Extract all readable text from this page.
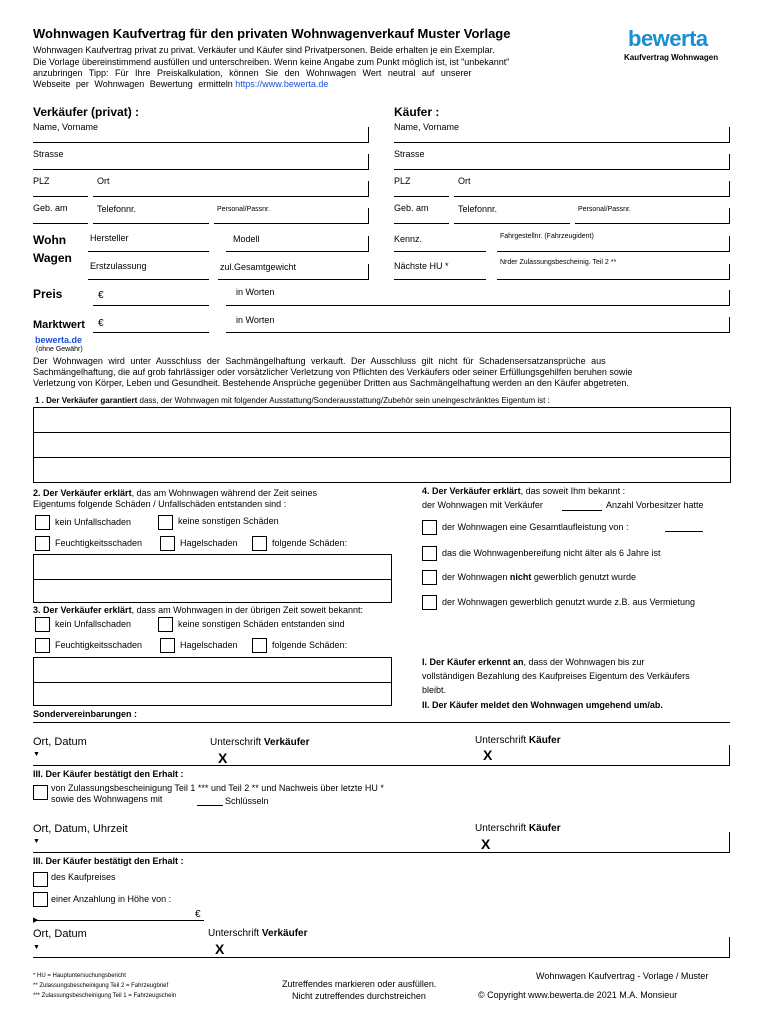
Wohnwagen Kaufvertrag für den privaten Wohnwagenverkauf Muster Vorlage
Wohnwagen Kaufvertrag privat zu privat. Verkäufer und Käufer sind Privatpersonen. Beide erhalten je ein Exemplar.
Die Vorlage übereinstimmend ausfüllen und unterschreiben. Wenn keine Angabe zum Punkt möglich ist, ist "unbekannt"
anzubringen Tipp: Für Ihre Preiskalkulation, können Sie den Wohnwagen Wert neutral auf unserer
Webseite per Wohnwagen Bewertung ermitteln https://www.bewerta.de
bewerta
Kaufvertrag Wohnwagen
Verkäufer (privat) :	Käufer :
Name, Vorname	Name, Vorname
Strasse	Strasse
PLZ	Ort	PLZ	Ort
Geb. am	Telefonnr.	Personal/Passnr.	Geb. am	Telefonnr.	Personal/Passnr.
Wohn
Wagen
Hersteller	Modell	Kennz.	Fahrgestellnr. (Fahrzeugident)
Erstzulassung	zul.Gesamtgewicht	Nächste HU *	Nrder Zulassungsbescheinig. Teil 2 **
Preis	€	in Worten
Marktwert €	in Worten
bewerta.de
(ohne Gewähr)
Der Wohnwagen wird unter Ausschluss der Sachmängelhaftung verkauft. Der Ausschluss gilt nicht für Schadensersatzansprüche aus
Sachmängelhaftung, die auf grob fahrlässiger oder vorsätzlicher Verletzung von Pflichten des Verkäufers oder seiner Erfüllungsgehilfen beruhen sowie
Verletzung von Körper, Leben und Gesundheit. Bestehende Ansprüche gegenüber Dritten aus Sachmängelhaftung werden an den Käufer abgetreten.
1 . Der Verkäufer garantiert dass, der Wohnwagen mit folgender Ausstattung/Sonderausstattung/Zubehör sein uneingeschränktes Eigentum ist :
2. Der Verkäufer erklärt, das am Wohnwagen während der Zeit seines
Eigentums folgende Schäden / Unfallschäden entstanden sind :
kein Unfallschaden	keine sonstigen Schäden
Feuchtigkeitsschaden	Hagelschaden	folgende Schäden:
3. Der Verkäufer erklärt, dass am Wohnwagen in der übrigen Zeit soweit bekannt:
kein Unfallschaden	keine sonstigen Schäden entstanden sind
Feuchtigkeitsschaden	Hagelschaden	folgende Schäden:
4. Der Verkäufer erklärt, das soweit Ihm bekannt :
der Wohnwagen mit Verkäufer	Anzahl Vorbesitzer hatte
der Wohnwagen eine Gesamtlaufleistung von :
das die Wohnwagenbereifung nicht älter als 6 Jahre ist
der Wohnwagen nicht gewerblich genutzt wurde
der Wohnwagen gewerblich genutzt wurde z.B. aus Vermietung
I. Der Käufer erkennt an, dass der Wohnwagen bis zur
vollständigen Bezahlung des Kaufpreises Eigentum des Verkäufers
bleibt.
II. Der Käufer meldet den Wohnwagen umgehend um/ab.
Sondervereinbarungen :
Ort, Datum	Unterschrift Verkäufer	Unterschrift Käufer
▼	X	X
III. Der Käufer bestätigt den Erhalt :
von Zulassungsbescheinigung Teil 1 *** und Teil 2 ** und Nachweis über letzte HU *
sowie des Wohnwagens mit	Schlüsseln
Ort, Datum, Uhrzeit	Unterschrift Käufer
▼	X
III. Der Käufer bestätigt den Erhalt :
des Kaufpreises
einer Anzahlung in Höhe von :
€
▶
Ort, Datum	Unterschrift Verkäufer
▼	X
* HU = Hauptuntersuchungsbericht
** Zulassungsbescheinigung Teil 2 = Fahrzeugbrief
*** Zulassungsbescheinigung Teil 1 = Fahrzeugschein
Zutreffendes markieren oder ausfüllen.
Nicht zutreffendes durchstreichen
Wohnwagen Kaufvertrag - Vorlage / Muster
© Copyright www.bewerta.de 2021 M.A. Monsieur
